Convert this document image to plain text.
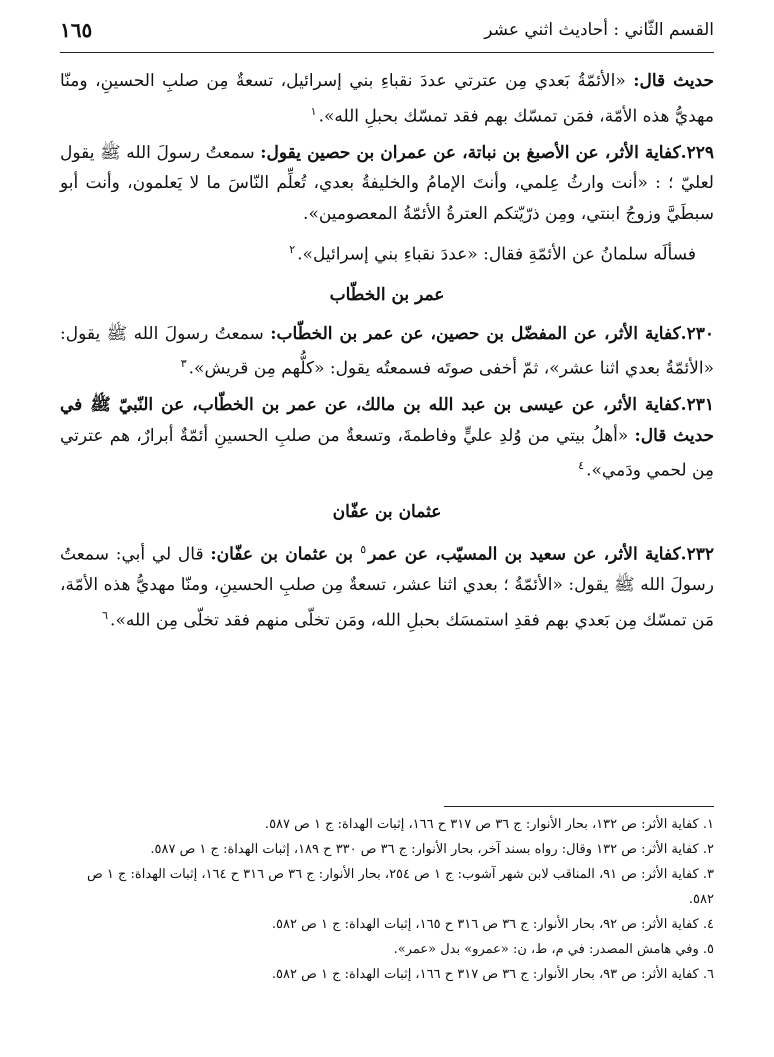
القسم الثّاني : أحاديث اثني عشر
١٦٥

حديث قال: «الأئمّةُ بَعدي مِن عترتي عددَ نقباءِ بني إسرائيل، تسعةٌ مِن صلبِ الحسينِ، ومنّا مهديُّ هذه الأمّة، فمَن تمسّك بهم فقد تمسّك بحبلِ الله».$^١$

٢٢٩.كفاية الأثر، عن الأصبغ بن نباتة، عن عمران بن حصين يقول: سمعتُ رسولَ الله ﷺ يقول لعليّ ؛ : «أنت وارثُ عِلمي، وأنتَ الإمامُ والخليفةُ بعدي، تُعلِّم النّاسَ ما لا يَعلمون، وأنت أبو سبطَيَّ وزوجُ ابنتي، ومِن ذرّيّتكم العترةُ الأئمّةُ المعصومين».

فسألَه سلمانُ عن الأئمّةِ فقال: «عددَ نقباءِ بني إسرائيل».$^٢$

عمر بن الخطّاب

٢٣٠.كفاية الأثر، عن المفضّل بن حصين، عن عمر بن الخطّاب: سمعتُ رسولَ الله ﷺ يقول: «الأئمّةُ بعدي اثنا عشر»، ثمّ أخفى صوتَه فسمعتُه يقول: «كلُّهم مِن قريش».$^٣$

٢٣١.كفاية الأثر، عن عيسى بن عبد الله بن مالك، عن عمر بن الخطّاب، عن النّبيّ ﷺ في حديث قال: «أهلُ بيتي من وُلدِ عليٍّ وفاطمةَ، وتسعةٌ من صلبِ الحسينِ أئمّةٌ أبرارٌ، هم عترتي مِن لحمي ودَمي».$^٤$

عثمان بن عفّان

٢٣٢.كفاية الأثر، عن سعيد بن المسيّب، عن عمر$^٥$ بن عثمان بن عفّان: قال لي أبي: سمعتُ رسولَ الله ﷺ يقول: «الأئمّةُ ؛ بعدي اثنا عشر، تسعةٌ مِن صلبِ الحسينِ، ومنّا مهديُّ هذه الأمّة، مَن تمسّك مِن بَعدي بهم فقدِ استمسَك بحبلِ الله، ومَن تخلّى منهم فقد تخلّى مِن الله».$^٦$

١. كفاية الأثر: ص ١٣٢، بحار الأنوار: ج ٣٦ ص ٣١٧ ح ١٦٦، إثبات الهداة: ج ١ ص ٥٨٧.

٢. كفاية الأثر: ص ١٣٢ وقال: رواه بسند آخر، بحار الأنوار: ج ٣٦ ص ٣٣٠ ح ١٨٩، إثبات الهداة: ج ١ ص ٥٨٧.

٣. كفاية الأثر: ص ٩١، المناقب لابن شهر آشوب: ج ١ ص ٢٥٤، بحار الأنوار: ج ٣٦ ص ٣١٦ ح ١٦٤، إثبات الهداة: ج ١ ص ٥٨٢.

٤. كفاية الأثر: ص ٩٢، بحار الأنوار: ج ٣٦ ص ٣١٦ ح ١٦٥، إثبات الهداة: ج ١ ص ٥٨٢.

٥. وفي هامش المصدر: في م، ط، ن: «عمرو» بدل «عمر».

٦. كفاية الأثر: ص ٩٣، بحار الأنوار: ج ٣٦ ص ٣١٧ ح ١٦٦، إثبات الهداة: ج ١ ص ٥٨٢.
